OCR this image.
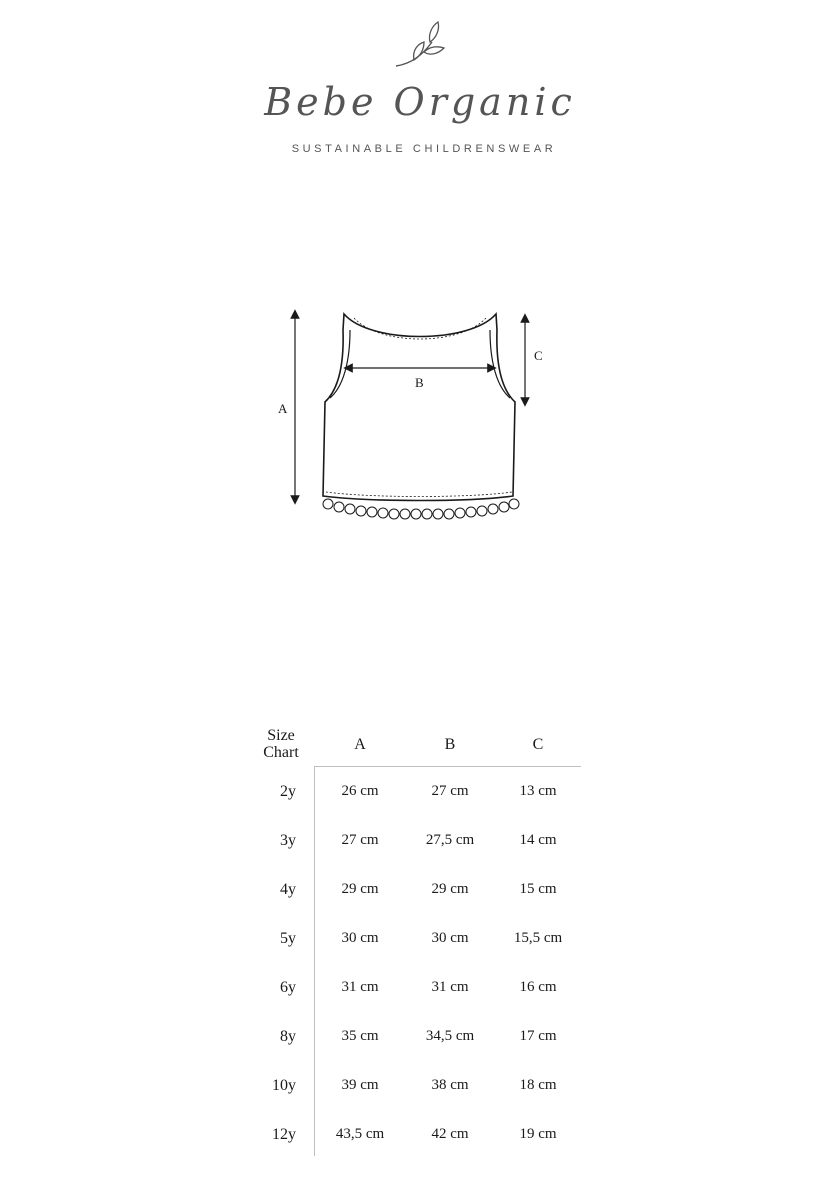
Bebe Organic
SUSTAINABLE CHILDRENSWEAR
A
B
C
Size
Chart	A	B	C
2y	26 cm	27 cm	13 cm
3y	27 cm	27,5 cm	14 cm
4y	29 cm	29 cm	15 cm
5y	30 cm	30 cm	15,5 cm
6y	31 cm	31 cm	16 cm
8y	35 cm	34,5 cm	17 cm
10y	39 cm	38 cm	18 cm
12y	43,5 cm	42 cm	19 cm
